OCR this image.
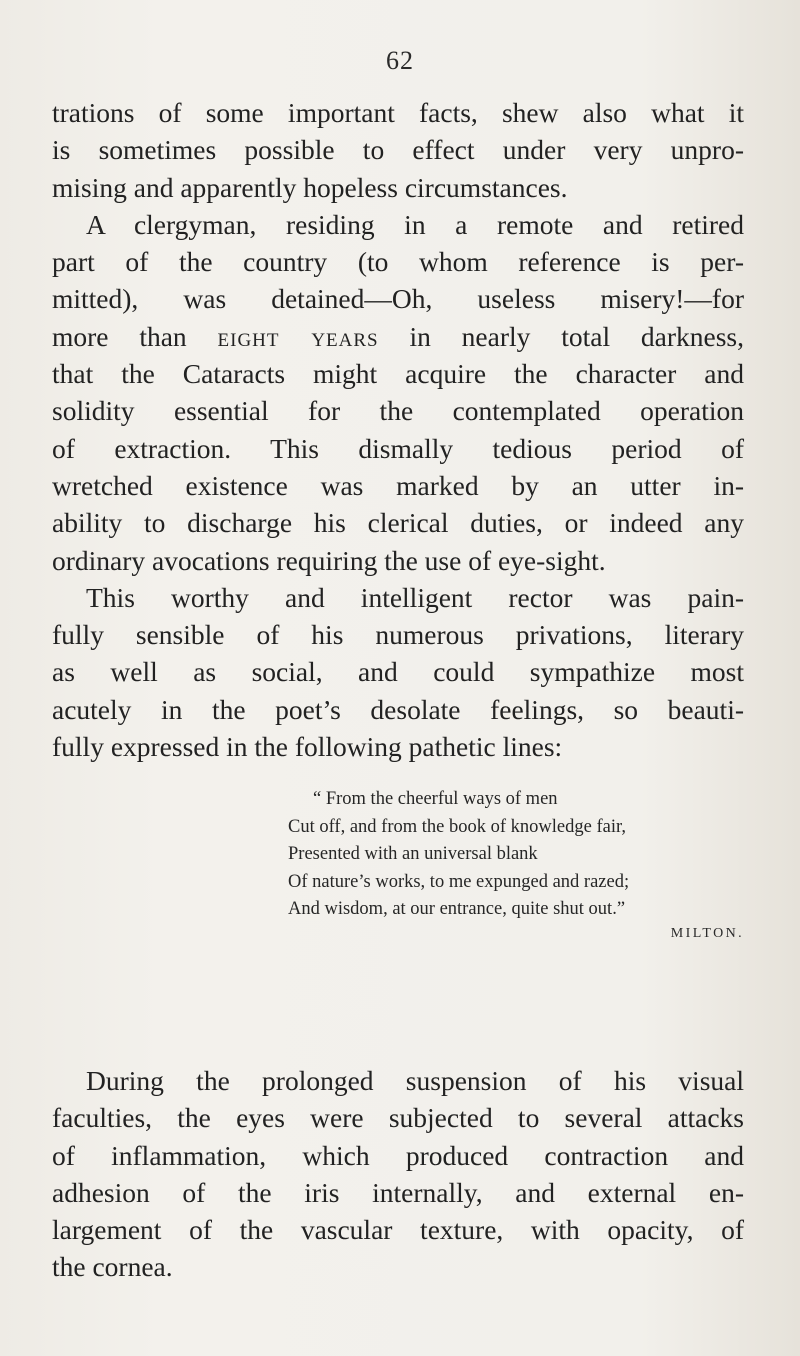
62
trations of some important facts, shew also what it
is sometimes possible to effect under very unpro-
mising and apparently hopeless circumstances.
A clergyman, residing in a remote and retired
part of the country (to whom reference is per-
mitted), was detained—Oh, useless misery!—for
more than eight years in nearly total darkness,
that the Cataracts might acquire the character and
solidity essential for the contemplated operation
of extraction. This dismally tedious period of
wretched existence was marked by an utter in-
ability to discharge his clerical duties, or indeed any
ordinary avocations requiring the use of eye-sight.
This worthy and intelligent rector was pain-
fully sensible of his numerous privations, literary
as well as social, and could sympathize most
acutely in the poet’s desolate feelings, so beauti-
fully expressed in the following pathetic lines:
“ From the cheerful ways of men
Cut off, and from the book of knowledge fair,
Presented with an universal blank
Of nature’s works, to me expunged and razed;
And wisdom, at our entrance, quite shut out.”
MILTON.
During the prolonged suspension of his visual
faculties, the eyes were subjected to several attacks
of inflammation, which produced contraction and
adhesion of the iris internally, and external en-
largement of the vascular texture, with opacity, of
the cornea.
